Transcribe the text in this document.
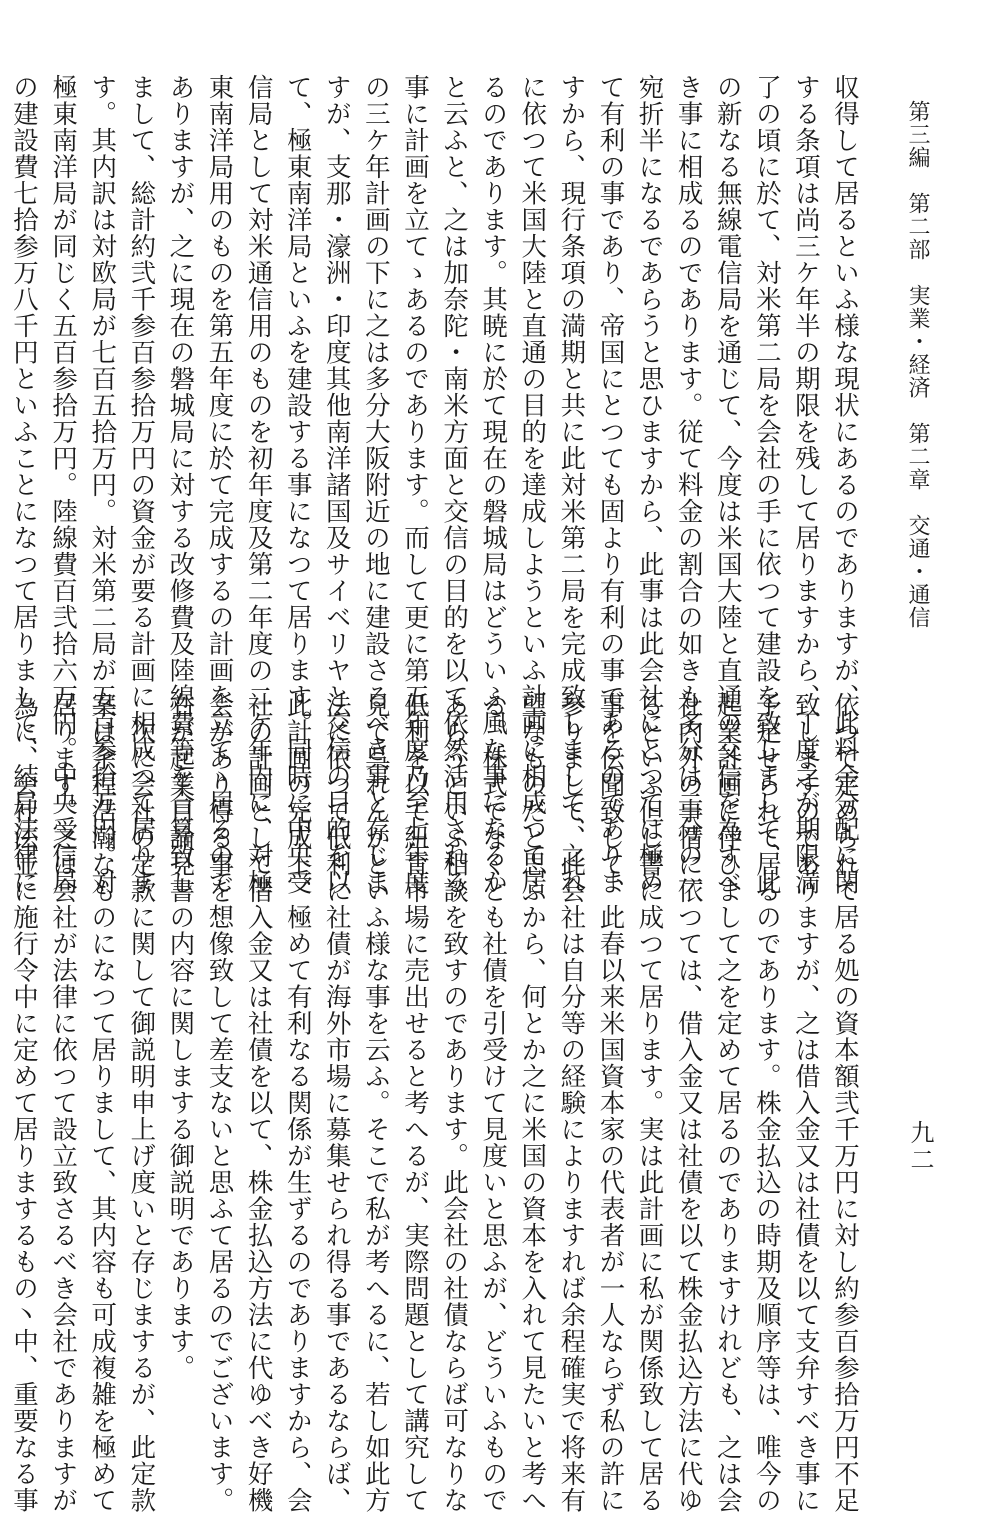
第三編　第二部　実業・経済　第二章　交通・通信
九二
収得して居るといふ様な現状にあるのでありますが、此料金分配に関
する条項は尚三ケ年半の期限を残して居りますから、丁度之が期限満
了の頃に於て、対米第二局を会社の手に依つて建設を致しまして、此
の新なる無線電信局を通じて、今度は米国大陸と直通の交信を為すべ
き事に相成るのであります。従て料金の割合の如きも多分は二分の一
宛折半になるであらうと思ひますから、此事は此会社にとつては極め
て有利の事であり、帝国にとつても固より有利の事であるのでありま
すから、現行条項の満期と共に此対米第二局を完成致しまして、之れ
に依つて米国大陸と直通の目的を達成しようといふ計画に相成つて居
るのであります。其暁に於て現在の磐城局はどういふ風な事になるか
と云ふと、之は加奈陀・南米方面と交信の目的を以て依然活用される
事に計画を立てゝあるのであります。而して更に第五年度乃至七年度
の三ケ年計画の下に之は多分大阪附近の地に建設さるべき事と存じま
すが、支那・濠洲・印度其他南洋諸国及サイベリヤと交信の目的を以
て、極東南洋局といふを建設する事になつて居ります。同時に中央受
信局として対米通信用のものを初年度及第二年度の二ケ年内に、対極
東南洋局用のものを第五年度に於て完成するの計画を立てゝ居るので
ありますが、之に現在の磐城局に対する改修費及陸線費等を合算致し
まして、総計約弐千参百参拾万円の資金が要る計画に相成つて居りま
す。其内訳は対欧局が七百五拾万円。対米第二局が五百参拾万円。対
極東南洋局が同じく五百参拾万円。陸線費百弐拾六万円。中央受信局
の建設費七拾参万八千円といふことになつて居りまして、結局法律に
依つて定められて居る処の資本額弐千万円に対し約参百参拾万円不足
致しますのでありますが、之は借入金又は社債を以て支弁すべき事に
予定せられて居るのであります。株金払込の時期及順序等は、唯今の
起業計画に伴ひまして之を定めて居るのでありますけれども、之は会
社内外の事情に依つては、借入金又は社債を以て株金払込方法に代ゆ
るといふ但し書に成つて居ります。実は此計画に私が関係致して居る
事を伝聞致して、此春以来米国資本家の代表者が一人ならず私の許に
参りまして、此会社は自分等の経験によりますれば余程確実で将来有
望なものだと思ふから、何とか之に米国の資本を入れて見たいと考へ
る。株式でなくとも社債を引受けて見度いと思ふが、どういふもので
あらうといふ相談を致すのであります。此会社の社債ならば可なりな
低利を以て紐育市場に売出せると考へるが、実際問題として講究して
見て呉れんかといふ様な事を云ふ。そこで私が考へるに、若し如此方
法に依つて低利に社債が海外市場に募集せられ得る事であるならば、
此計画の完成上、極めて有利なる関係が生ずるのでありますから、会
社の計画として借入金又は社債を以て、株金払込方法に代ゆべき好機
会があり得る事を想像致して差支ないと思ふて居るのでございます。
右が起業目論見書の内容に関しまする御説明であります。
　次に会社の定款に関して御説明申上げ度いと存じまするが、此定款
案は余程浩瀚なものになつて居りまして、其内容も可成複雑を極めて
居ります。之は会社が法律に依つて設立致さるべき会社でありますが
為に、会社法並に施行令中に定めて居りまするもの丶中、重要なる事
